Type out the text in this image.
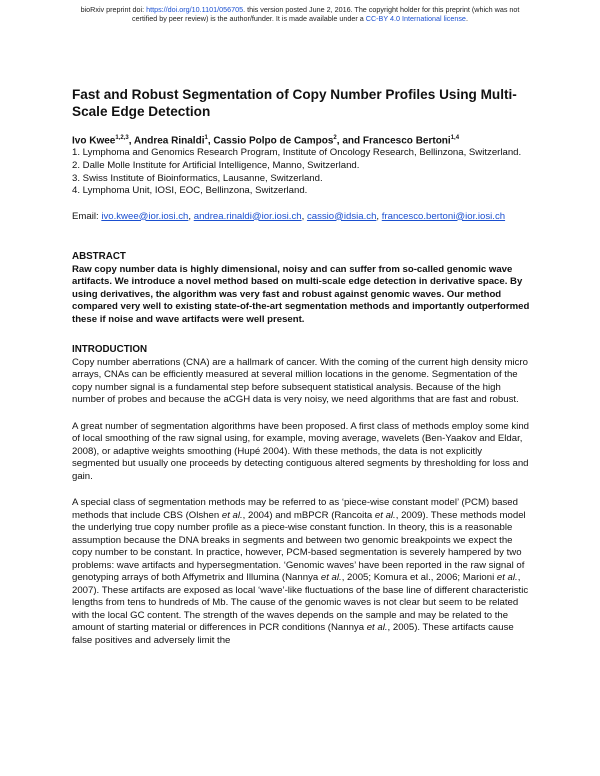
bioRxiv preprint doi: https://doi.org/10.1101/056705. this version posted June 2, 2016. The copyright holder for this preprint (which was not
certified by peer review) is the author/funder. It is made available under a CC-BY 4.0 International license.
Fast and Robust Segmentation of Copy Number Profiles Using Multi-Scale Edge Detection
Ivo Kwee$^{1,2,3}$, Andrea Rinaldi$^1$, Cassio Polpo de Campos$^2$, and Francesco Bertoni$^{1,4}$
1. Lymphoma and Genomics Research Program, Institute of Oncology Research, Bellinzona, Switzerland.
2. Dalle Molle Institute for Artificial Intelligence, Manno, Switzerland.
3. Swiss Institute of Bioinformatics, Lausanne, Switzerland.
4. Lymphoma Unit, IOSI, EOC, Bellinzona, Switzerland.
Email: ivo.kwee@ior.iosi.ch, andrea.rinaldi@ior.iosi.ch, cassio@idsia.ch, francesco.bertoni@ior.iosi.ch
ABSTRACT

Raw copy number data is highly dimensional, noisy and can suffer from so-called genomic wave artifacts. We introduce a novel method based on multi-scale edge detection in derivative space. By using derivatives, the algorithm was very fast and robust against genomic waves. Our method compared very well to existing state-of-the-art segmentation methods and importantly outperformed these if noise and wave artifacts were well present.

INTRODUCTION

Copy number aberrations (CNA) are a hallmark of cancer. With the coming of the current high density micro arrays, CNAs can be efficiently measured at several million locations in the genome. Segmentation of the copy number signal is a fundamental step before subsequent statistical analysis. Because of the high number of probes and because the aCGH data is very noisy, we need algorithms that are fast and robust.

A great number of segmentation algorithms have been proposed. A first class of methods employ some kind of local smoothing of the raw signal using, for example, moving average, wavelets (Ben-Yaakov and Eldar, 2008), or adaptive weights smoothing (Hupé 2004). With these methods, the data is not explicitly segmented but usually one proceeds by detecting contiguous altered segments by thresholding for loss and gain.

A special class of segmentation methods may be referred to as ‘piece-wise constant model’ (PCM) based methods that include CBS (Olshen et al., 2004) and mBPCR (Rancoita et al., 2009). These methods model the underlying true copy number profile as a piece-wise constant function. In theory, this is a reasonable assumption because the DNA breaks in segments and between two genomic breakpoints we expect the copy number to be constant. In practice, however, PCM-based segmentation is severely hampered by two problems: wave artifacts and hypersegmentation. ‘Genomic waves’ have been reported in the raw signal of genotyping arrays of both Affymetrix and Illumina (Nannya et al., 2005; Komura et al., 2006; Marioni et al., 2007). These artifacts are exposed as local ‘wave’-like fluctuations of the base line of different characteristic lengths from tens to hundreds of Mb. The cause of the genomic waves is not clear but seem to be related with the local GC content. The strength of the waves depends on the sample and may be related to the amount of starting material or differences in PCR conditions (Nannya et al., 2005). These artifacts cause false positives and adversely limit the
